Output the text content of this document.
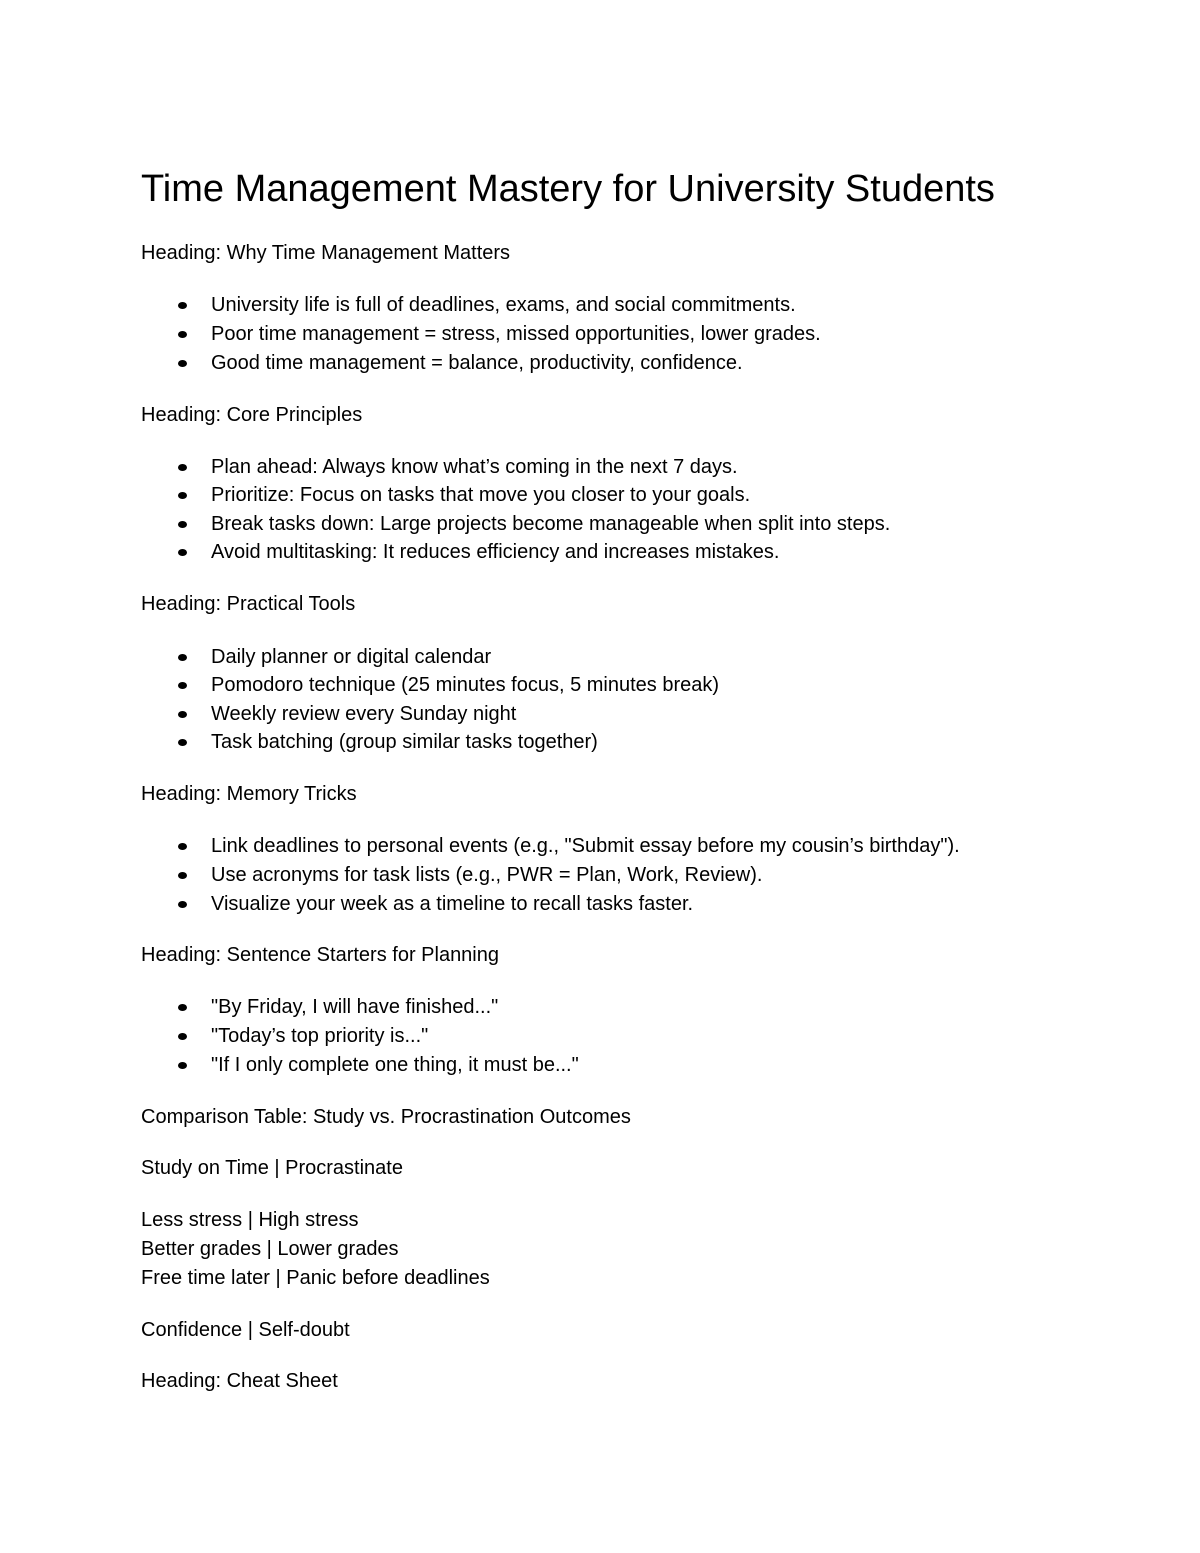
Time Management Mastery for University Students

Heading: Why Time Management Matters

University life is full of deadlines, exams, and social commitments.

Poor time management = stress, missed opportunities, lower grades.

Good time management = balance, productivity, confidence.

Heading: Core Principles

Plan ahead: Always know what’s coming in the next 7 days.

Prioritize: Focus on tasks that move you closer to your goals.

Break tasks down: Large projects become manageable when split into steps.

Avoid multitasking: It reduces efficiency and increases mistakes.

Heading: Practical Tools

Daily planner or digital calendar

Pomodoro technique (25 minutes focus, 5 minutes break)

Weekly review every Sunday night

Task batching (group similar tasks together)

Heading: Memory Tricks

Link deadlines to personal events (e.g., "Submit essay before my cousin’s birthday").

Use acronyms for task lists (e.g., PWR = Plan, Work, Review).

Visualize your week as a timeline to recall tasks faster.

Heading: Sentence Starters for Planning

"By Friday, I will have finished..."

"Today’s top priority is..."

"If I only complete one thing, it must be..."

Comparison Table: Study vs. Procrastination Outcomes

Study on Time | Procrastinate

Less stress | High stress

Better grades | Lower grades

Free time later | Panic before deadlines

Confidence | Self-doubt

Heading: Cheat Sheet
